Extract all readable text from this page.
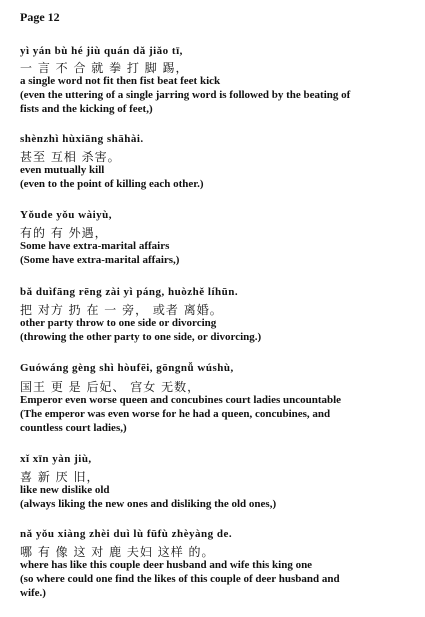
Page 12
yì yán bù hé jiù quán dǎ jiǎo tī,
一 言 不 合 就 拳 打 脚 踢，
a single word not fit then fist beat feet kick
(even the uttering of a single jarring word is followed by the beating of
fists and the kicking of feet,)
shènzhì hùxiāng shāhài.
甚至 互相 杀害。
even mutually kill
(even to the point of killing each other.)
Yǒude yǒu wàiyù,
有的 有 外遇，
Some have extra-marital affairs
(Some have extra-marital affairs,)
bǎ duìfāng rēng zài yì páng, huòzhě líhūn.
把 对方 扔 在 一 旁， 或者 离婚。
other party throw to one side or divorcing
(throwing the other party to one side, or divorcing.)
Guówáng gèng shì hòufēi, gōngnǚ wúshù,
国王 更 是 后妃、 宫女 无数，
Emperor even worse queen and concubines court ladies uncountable
(The emperor was even worse for he had a queen, concubines, and
countless court ladies,)
xǐ xīn yàn jiù,
喜 新 厌 旧，
like new dislike old
(always liking the new ones and disliking the old ones,)
nǎ yǒu xiàng zhèi duì lù fūfù zhèyàng de.
哪 有 像 这 对 鹿 夫妇 这样 的。
where has like this couple deer husband and wife this king one
(so where could one find the likes of this couple of deer husband and
wife.)
